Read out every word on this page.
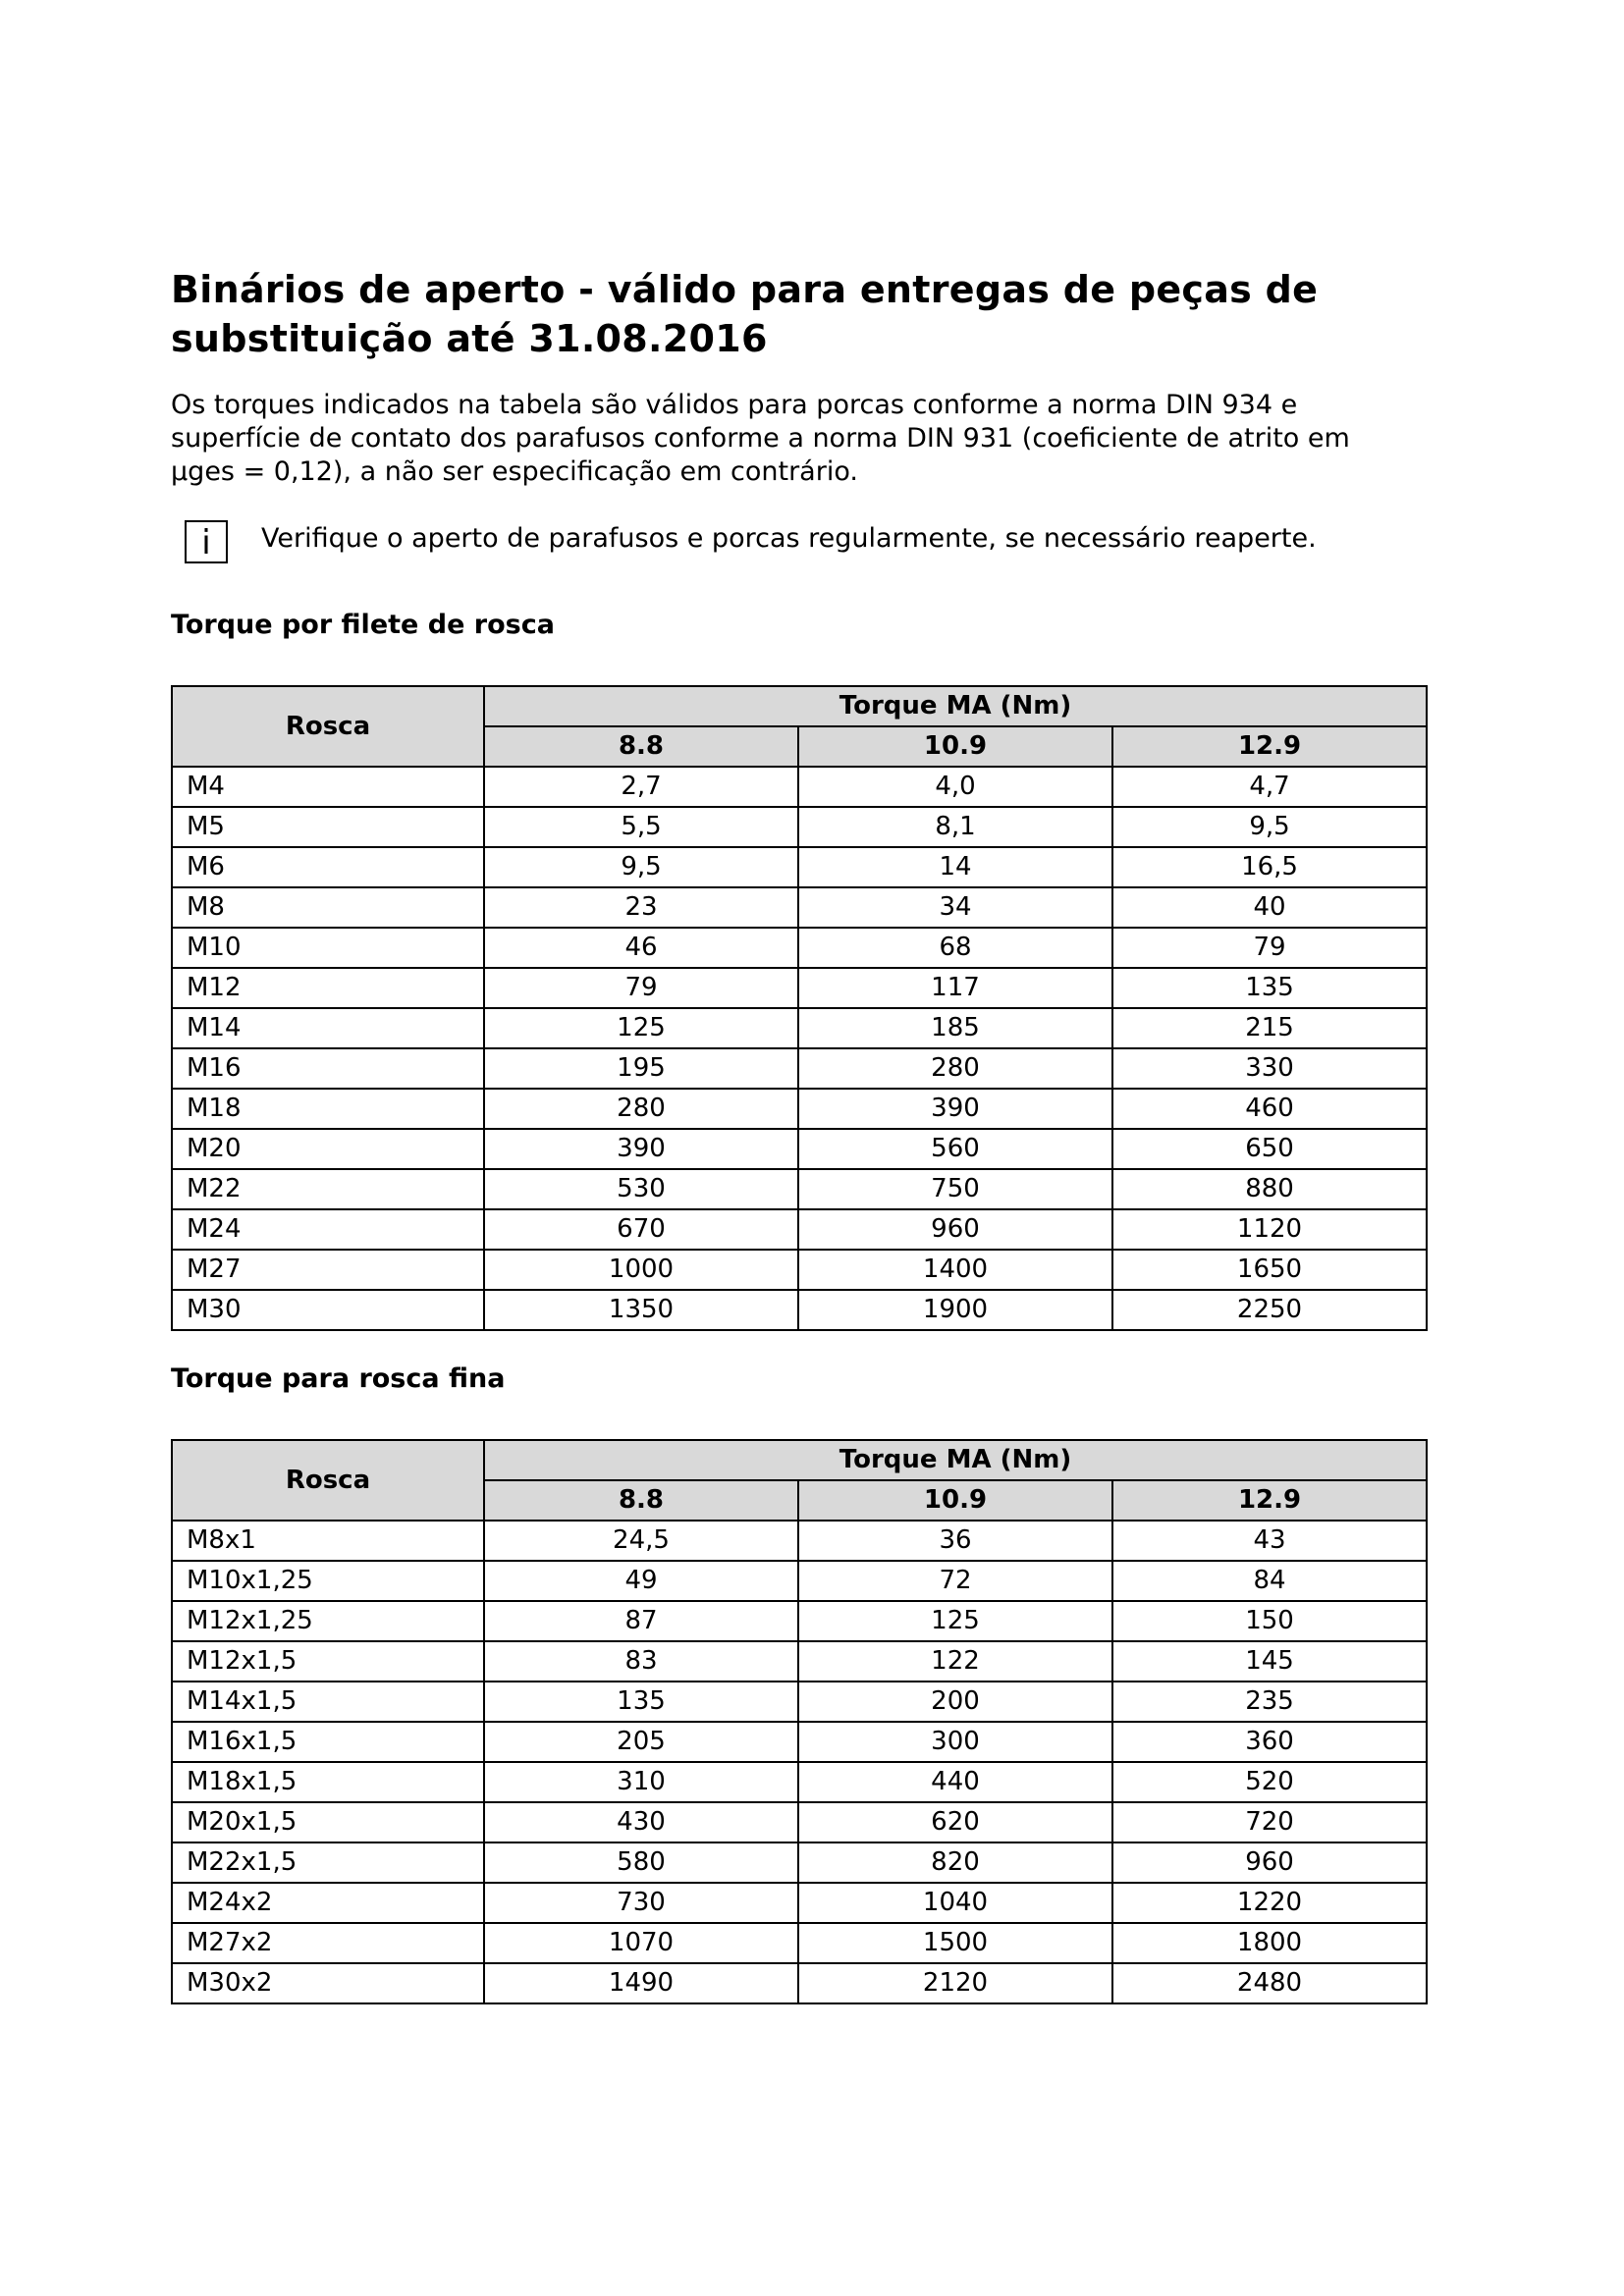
Binários de aperto - válido para entregas de peças de
substituição até 31.08.2016

Os torques indicados na tabela são válidos para porcas conforme a norma DIN 934 e

superfície de contato dos parafusos conforme a norma DIN 931 (coeficiente de atrito em

µges = 0,12), a não ser especificação em contrário.

i	Verifique o aperto de parafusos e porcas regularmente, se necessário reaperte.
Torque por filete de rosca
Rosca	Torque MA (Nm)		
	8.8	10.9	12.9
M4	2,7	4,0	4,7
M5	5,5	8,1	9,5
M6	9,5	14	16,5
M8	23	34	40
M10	46	68	79
M12	79	117	135
M14	125	185	215
M16	195	280	330
M18	280	390	460
M20	390	560	650
M22	530	750	880
M24	670	960	1120
M27	1000	1400	1650
M30	1350	1900	2250
Torque para rosca fina
Rosca	Torque MA (Nm)		
	8.8	10.9	12.9
M8x1	24,5	36	43
M10x1,25	49	72	84
M12x1,25	87	125	150
M12x1,5	83	122	145
M14x1,5	135	200	235
M16x1,5	205	300	360
M18x1,5	310	440	520
M20x1,5	430	620	720
M22x1,5	580	820	960
M24x2	730	1040	1220
M27x2	1070	1500	1800
M30x2	1490	2120	2480
